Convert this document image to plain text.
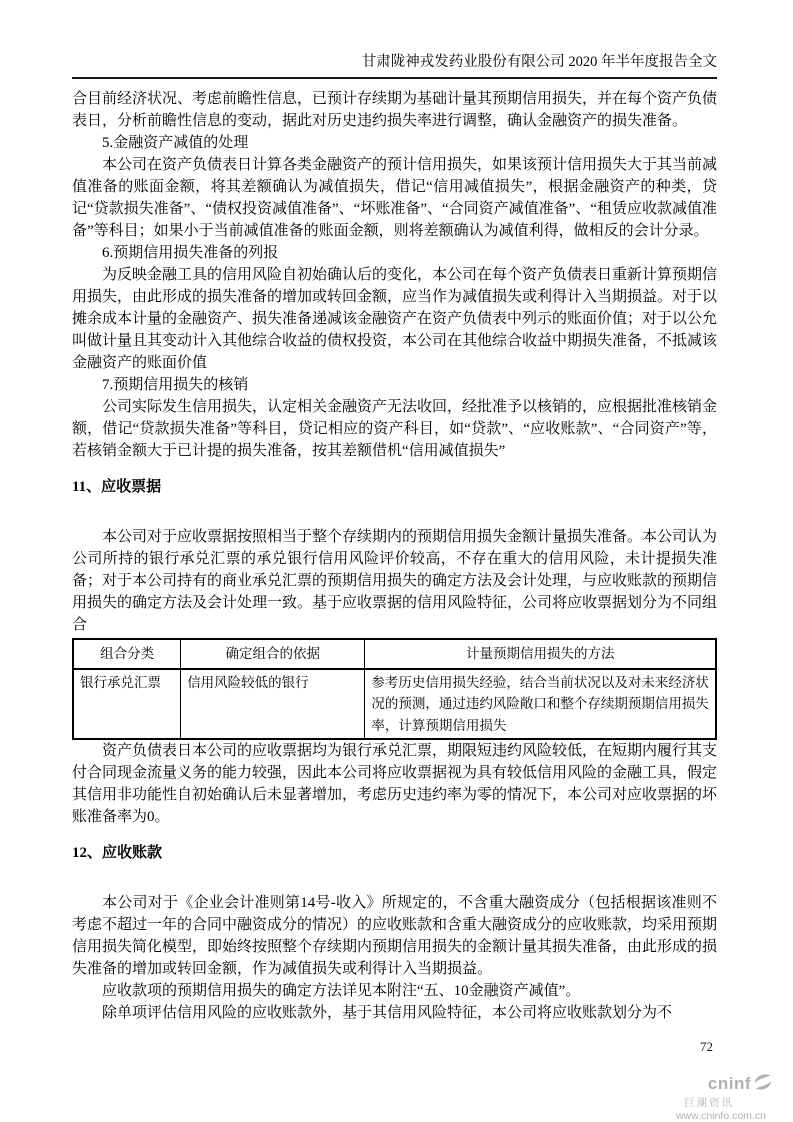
甘肃陇神戎发药业股份有限公司 2020 年半年度报告全文

合目前经济状况、考虑前瞻性信息，已预计存续期为基础计量其预期信用损失，并在每个资产负债表日，分析前瞻性信息的变动，据此对历史违约损失率进行调整，确认金融资产的损失准备。

5.金融资产减值的处理

本公司在资产负债表日计算各类金融资产的预计信用损失，如果该预计信用损失大于其当前减值准备的账面金额，将其差额确认为减值损失，借记“信用减值损失”，根据金融资产的种类，贷记“贷款损失准备”、“债权投资减值准备”、“坏账准备”、“合同资产减值准备”、“租赁应收款减值准备”等科目；如果小于当前减值准备的账面金额，则将差额确认为减值利得，做相反的会计分录。

6.预期信用损失准备的列报

为反映金融工具的信用风险自初始确认后的变化，本公司在每个资产负债表日重新计算预期信用损失，由此形成的损失准备的增加或转回金额，应当作为减值损失或利得计入当期损益。对于以摊余成本计量的金融资产、损失准备递减该金融资产在资产负债表中列示的账面价值；对于以公允叫做计量且其变动计入其他综合收益的债权投资，本公司在其他综合收益中期损失准备，不抵减该金融资产的账面价值

7.预期信用损失的核销

公司实际发生信用损失，认定相关金融资产无法收回，经批准予以核销的，应根据批准核销金额，借记“贷款损失准备”等科目，贷记相应的资产科目，如“贷款”、“应收账款”、“合同资产”等，若核销金额大于已计提的损失准备，按其差额借机“信用减值损失”

11、应收票据

本公司对于应收票据按照相当于整个存续期内的预期信用损失金额计量损失准备。本公司认为公司所持的银行承兑汇票的承兑银行信用风险评价较高，不存在重大的信用风险，未计提损失准备；对于本公司持有的商业承兑汇票的预期信用损失的确定方法及会计处理，与应收账款的预期信用损失的确定方法及会计处理一致。基于应收票据的信用风险特征，公司将应收票据划分为不同组合

组合分类	确定组合的依据	计量预期信用损失的方法
银行承兑汇票	信用风险较低的银行	参考历史信用损失经验，结合当前状况以及对未来经济状况的预测，通过违约风险敞口和整个存续期预期信用损失率，计算预期信用损失

资产负债表日本公司的应收票据均为银行承兑汇票，期限短违约风险较低，在短期内履行其支付合同现金流量义务的能力较强，因此本公司将应收票据视为具有较低信用风险的金融工具，假定其信用非功能性自初始确认后未显著增加，考虑历史违约率为零的情况下，本公司对应收票据的坏账准备率为0。

12、应收账款

本公司对于《企业会计准则第14号-收入》所规定的，不含重大融资成分（包括根据该准则不考虑不超过一年的合同中融资成分的情况）的应收账款和含重大融资成分的应收账款，均采用预期信用损失简化模型，即始终按照整个存续期内预期信用损失的金额计量其损失准备，由此形成的损失准备的增加或转回金额，作为减值损失或利得计入当期损益。

应收款项的预期信用损失的确定方法详见本附注“五、10金融资产减值”。

除单项评估信用风险的应收账款外，基于其信用风险特征，本公司将应收账款划分为不

72
cninf
巨潮资讯
www.cninfo.com.cn
